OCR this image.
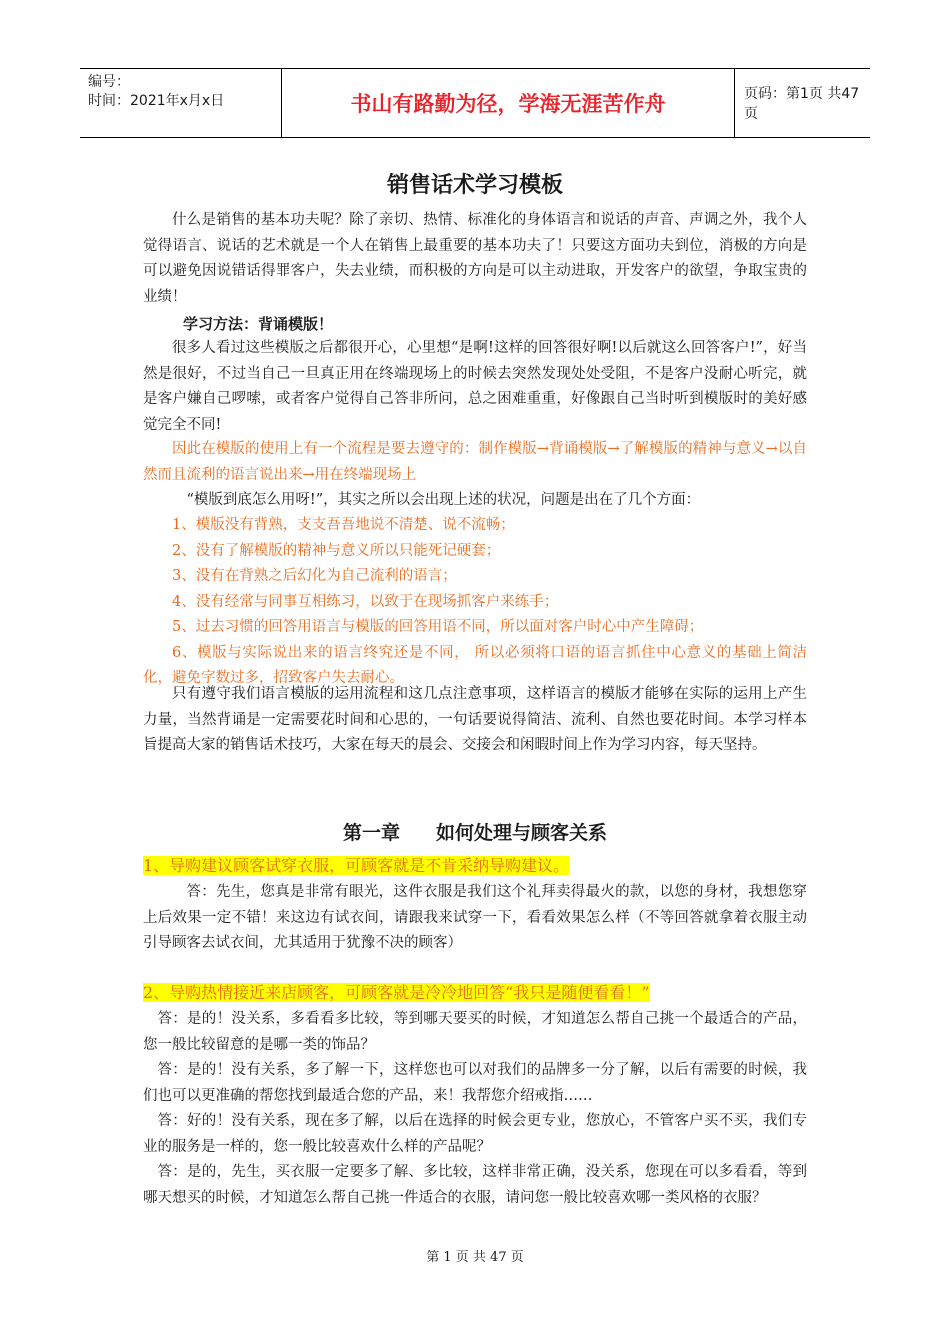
编号：
时间：2021年x月x日	书山有路勤为径，学海无涯苦作舟	页码：第1页 共47页
销售话术学习模板

什么是销售的基本功夫呢？除了亲切、热情、标准化的身体语言和说话的声音、声调之外，我个人觉得语言、说话的艺术就是一个人在销售上最重要的基本功夫了！只要这方面功夫到位，消极的方向是可以避免因说错话得罪客户，失去业绩，而积极的方向是可以主动进取，开发客户的欲望，争取宝贵的业绩！

学习方法：背诵模版！

很多人看过这些模版之后都很开心，心里想“是啊!这样的回答很好啊!以后就这么回答客户!”，好当然是很好，不过当自己一旦真正用在终端现场上的时候去突然发现处处受阻，不是客户没耐心听完，就是客户嫌自己啰嗦，或者客户觉得自己答非所问，总之困难重重，好像跟自己当时听到模版时的美好感觉完全不同!

因此在模版的使用上有一个流程是要去遵守的：制作模版→背诵模版→了解模版的精神与意义→以自然而且流利的语言说出来→用在终端现场上

“模版到底怎么用呀!”，其实之所以会出现上述的状况，问题是出在了几个方面：

1、模版没有背熟，支支吾吾地说不清楚、说不流畅；
2、没有了解模版的精神与意义所以只能死记硬套；
3、没有在背熟之后幻化为自己流利的语言；
4、没有经常与同事互相练习，以致于在现场抓客户来练手；
5、过去习惯的回答用语言与模版的回答用语不同，所以面对客户时心中产生障碍；
6、模版与实际说出来的语言终究还是不同， 所以必须将口语的语言抓住中心意义的基础上简洁化，避免字数过多，招致客户失去耐心。

只有遵守我们语言模版的运用流程和这几点注意事项，这样语言的模版才能够在实际的运用上产生力量，当然背诵是一定需要花时间和心思的，一句话要说得简洁、流利、自然也要花时间。本学习样本旨提高大家的销售话术技巧，大家在每天的晨会、交接会和闲暇时间上作为学习内容，每天坚持。

第一章 如何处理与顾客关系
1、导购建议顾客试穿衣服，可顾客就是不肯采纳导购建议。

答：先生，您真是非常有眼光，这件衣服是我们这个礼拜卖得最火的款，以您的身材，我想您穿上后效果一定不错！来这边有试衣间，请跟我来试穿一下，看看效果怎么样（不等回答就拿着衣服主动引导顾客去试衣间，尤其适用于犹豫不决的顾客）

2、导购热情接近来店顾客，可顾客就是冷冷地回答“我只是随便看看！”
答：是的！没关系，多看看多比较，等到哪天要买的时候，才知道怎么帮自己挑一个最适合的产品，您一般比较留意的是哪一类的饰品？
答：是的！没有关系，多了解一下，这样您也可以对我们的品牌多一分了解，以后有需要的时候，我们也可以更准确的帮您找到最适合您的产品，来！我帮您介绍戒指……
答：好的！没有关系，现在多了解，以后在选择的时候会更专业，您放心，不管客户买不买，我们专业的服务是一样的，您一般比较喜欢什么样的产品呢？
答：是的，先生，买衣服一定要多了解、多比较，这样非常正确，没关系，您现在可以多看看，等到哪天想买的时候，才知道怎么帮自己挑一件适合的衣服，请问您一般比较喜欢哪一类风格的衣服？
第 1 页 共 47 页
